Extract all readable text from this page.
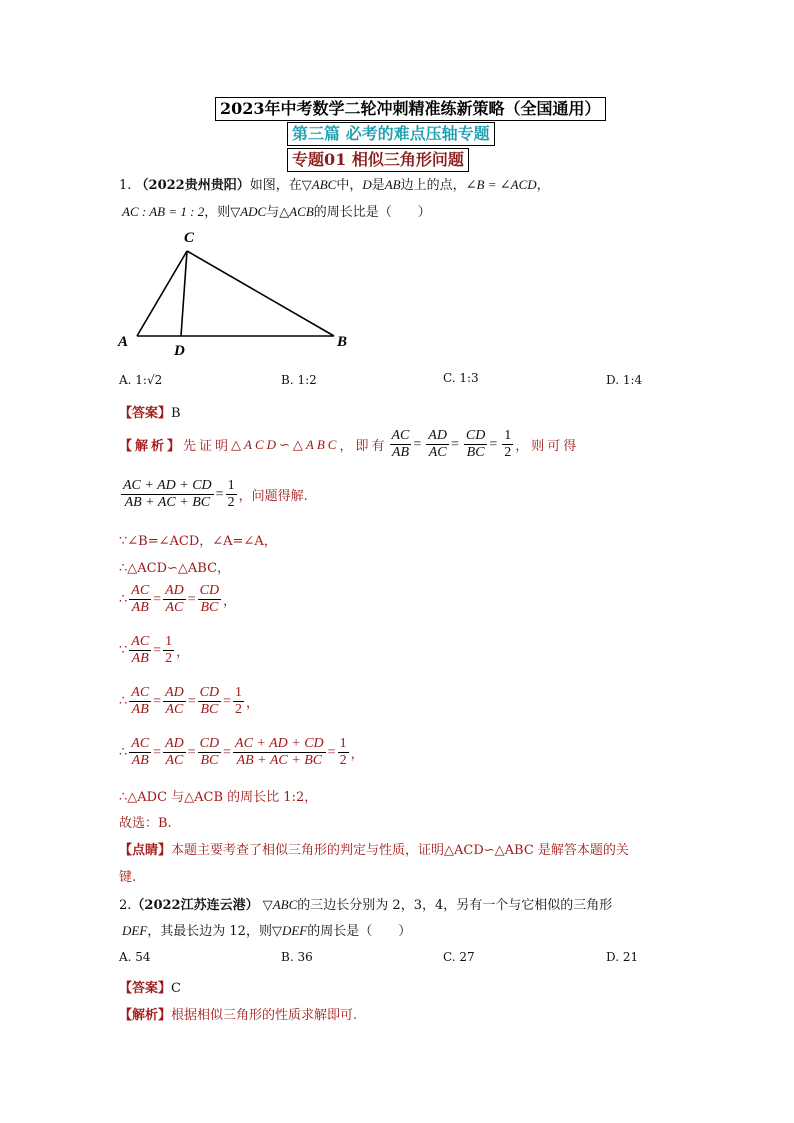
2023年中考数学二轮冲刺精准练新策略（全国通用）
第三篇 必考的难点压轴专题
专题01 相似三角形问题
1. （2022贵州贵阳）如图，在▽ABC中，D是AB边上的点，∠B = ∠ACD，
AC : AB = 1 : 2，则▽ADC与△ACB的周长比是（　　）
C
A
D
B
A. 1:√2	B. 1:2	C. 1:3	D. 1:4
【答案】B
【解析】 先证明 △ACD∽△ABC ，即有 $\frac{AC}{AB} = \frac{AD}{AC} = \frac{CD}{BC} = \frac{1}{2}$ ，则可得
$\frac{AC + AD + CD}{AB + AC + BC} = \frac{1}{2}$ ，问题得解.
∵∠B=∠ACD，∠A=∠A，
∴△ACD∽△ABC，
∴ $\frac{AC}{AB} = \frac{AD}{AC} = \frac{CD}{BC}$ ，
∵ $\frac{AC}{AB} = \frac{1}{2}$ ，
∴ $\frac{AC}{AB} = \frac{AD}{AC} = \frac{CD}{BC} = \frac{1}{2}$ ，
∴ $\frac{AC}{AB} = \frac{AD}{AC} = \frac{CD}{BC} = \frac{AC + AD + CD}{AB + AC + BC} = \frac{1}{2}$ ，
∴△ADC 与△ACB 的周长比 1:2，
故选：B.
【点睛】本题主要考查了相似三角形的判定与性质，证明△ACD∽△ABC 是解答本题的关
键.
2.（2022江苏连云港） ▽ABC的三边长分别为 2，3，4，另有一个与它相似的三角形
DEF，其最长边为 12，则▽DEF的周长是（　　）
A. 54	B. 36	C. 27	D. 21
【答案】C
【解析】根据相似三角形的性质求解即可.
